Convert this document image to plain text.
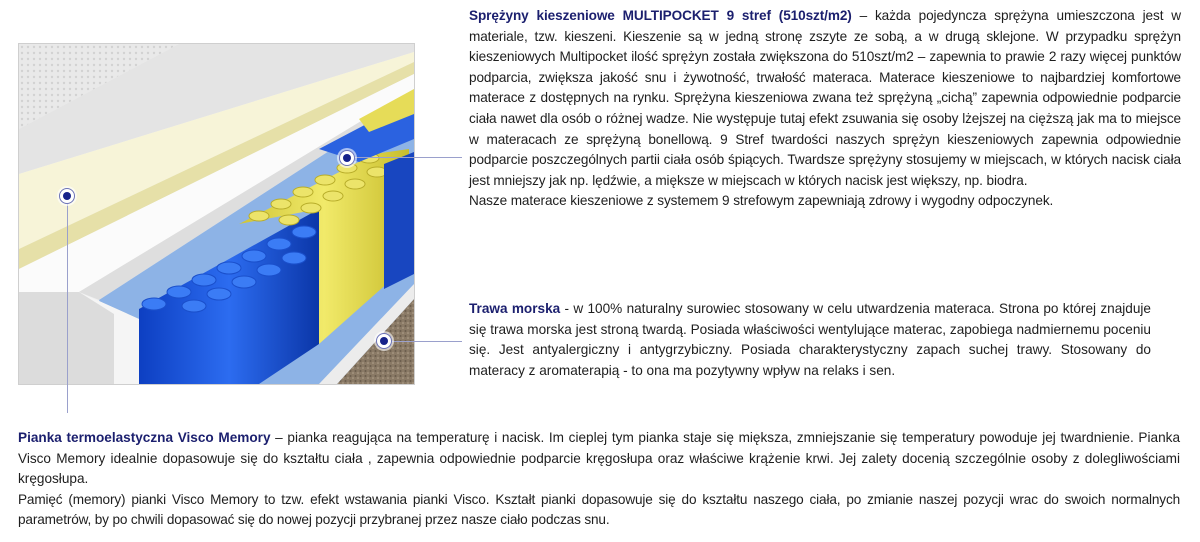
Sprężyny kieszeniowe MULTIPOCKET 9 stref (510szt/m2) – każda pojedyncza sprężyna umieszczona jest w materiale, tzw. kieszeni. Kieszenie są w jedną stronę zszyte ze sobą, a w drugą sklejone. W przypadku sprężyn kieszeniowych Multipocket ilość sprężyn została zwiększona do 510szt/m2 – zapewnia to prawie 2 razy więcej punktów podparcia, zwiększa jakość snu i żywotność, trwałość materaca. Materace kieszeniowe to najbardziej komfortowe materace z dostępnych na rynku. Sprężyna kieszeniowa zwana też sprężyną „cichą” zapewnia odpowiednie podparcie ciała nawet dla osób o różnej wadze. Nie występuje tutaj efekt zsuwania się osoby lżejszej na cięższą jak ma to miejsce w materacach ze sprężyną bonellową. 9 Stref twardości naszych sprężyn kieszeniowych zapewnia odpowiednie podparcie poszczególnych partii ciała osób śpiących. Twardsze sprężyny stosujemy w miejscach, w których nacisk ciała jest mniejszy jak np. lędźwie, a miększe w miejscach w których nacisk jest większy, np. biodra.

Nasze materace kieszeniowe z systemem 9 strefowym zapewniają zdrowy i wygodny odpoczynek.

Trawa morska - w 100% naturalny surowiec stosowany w celu utwardzenia materaca. Strona po której znajduje się trawa morska jest stroną twardą. Posiada właściwości wentylujące materac, zapobiega nadmiernemu poceniu się. Jest antyalergiczny i antygrzybiczny. Posiada charakterystyczny zapach suchej trawy. Stosowany do materacy z aromaterapią - to ona ma pozytywny wpływ na relaks i sen.

Pianka termoelastyczna Visco Memory – pianka reagująca na temperaturę i nacisk. Im cieplej tym pianka staje się miększa, zmniejszanie się temperatury powoduje jej twardnienie. Pianka Visco Memory idealnie dopasowuje się do kształtu ciała , zapewnia odpowiednie podparcie kręgosłupa oraz właściwe krążenie krwi. Jej zalety docenią szczególnie osoby z dolegliwościami kręgosłupa.

Pamięć (memory) pianki Visco Memory to tzw. efekt wstawania pianki Visco. Kształt pianki dopasowuje się do kształtu naszego ciała, po zmianie naszej pozycji wrac do swoich normalnych parametrów, by po chwili dopasować się do nowej pozycji przybranej przez nasze ciało podczas snu.
